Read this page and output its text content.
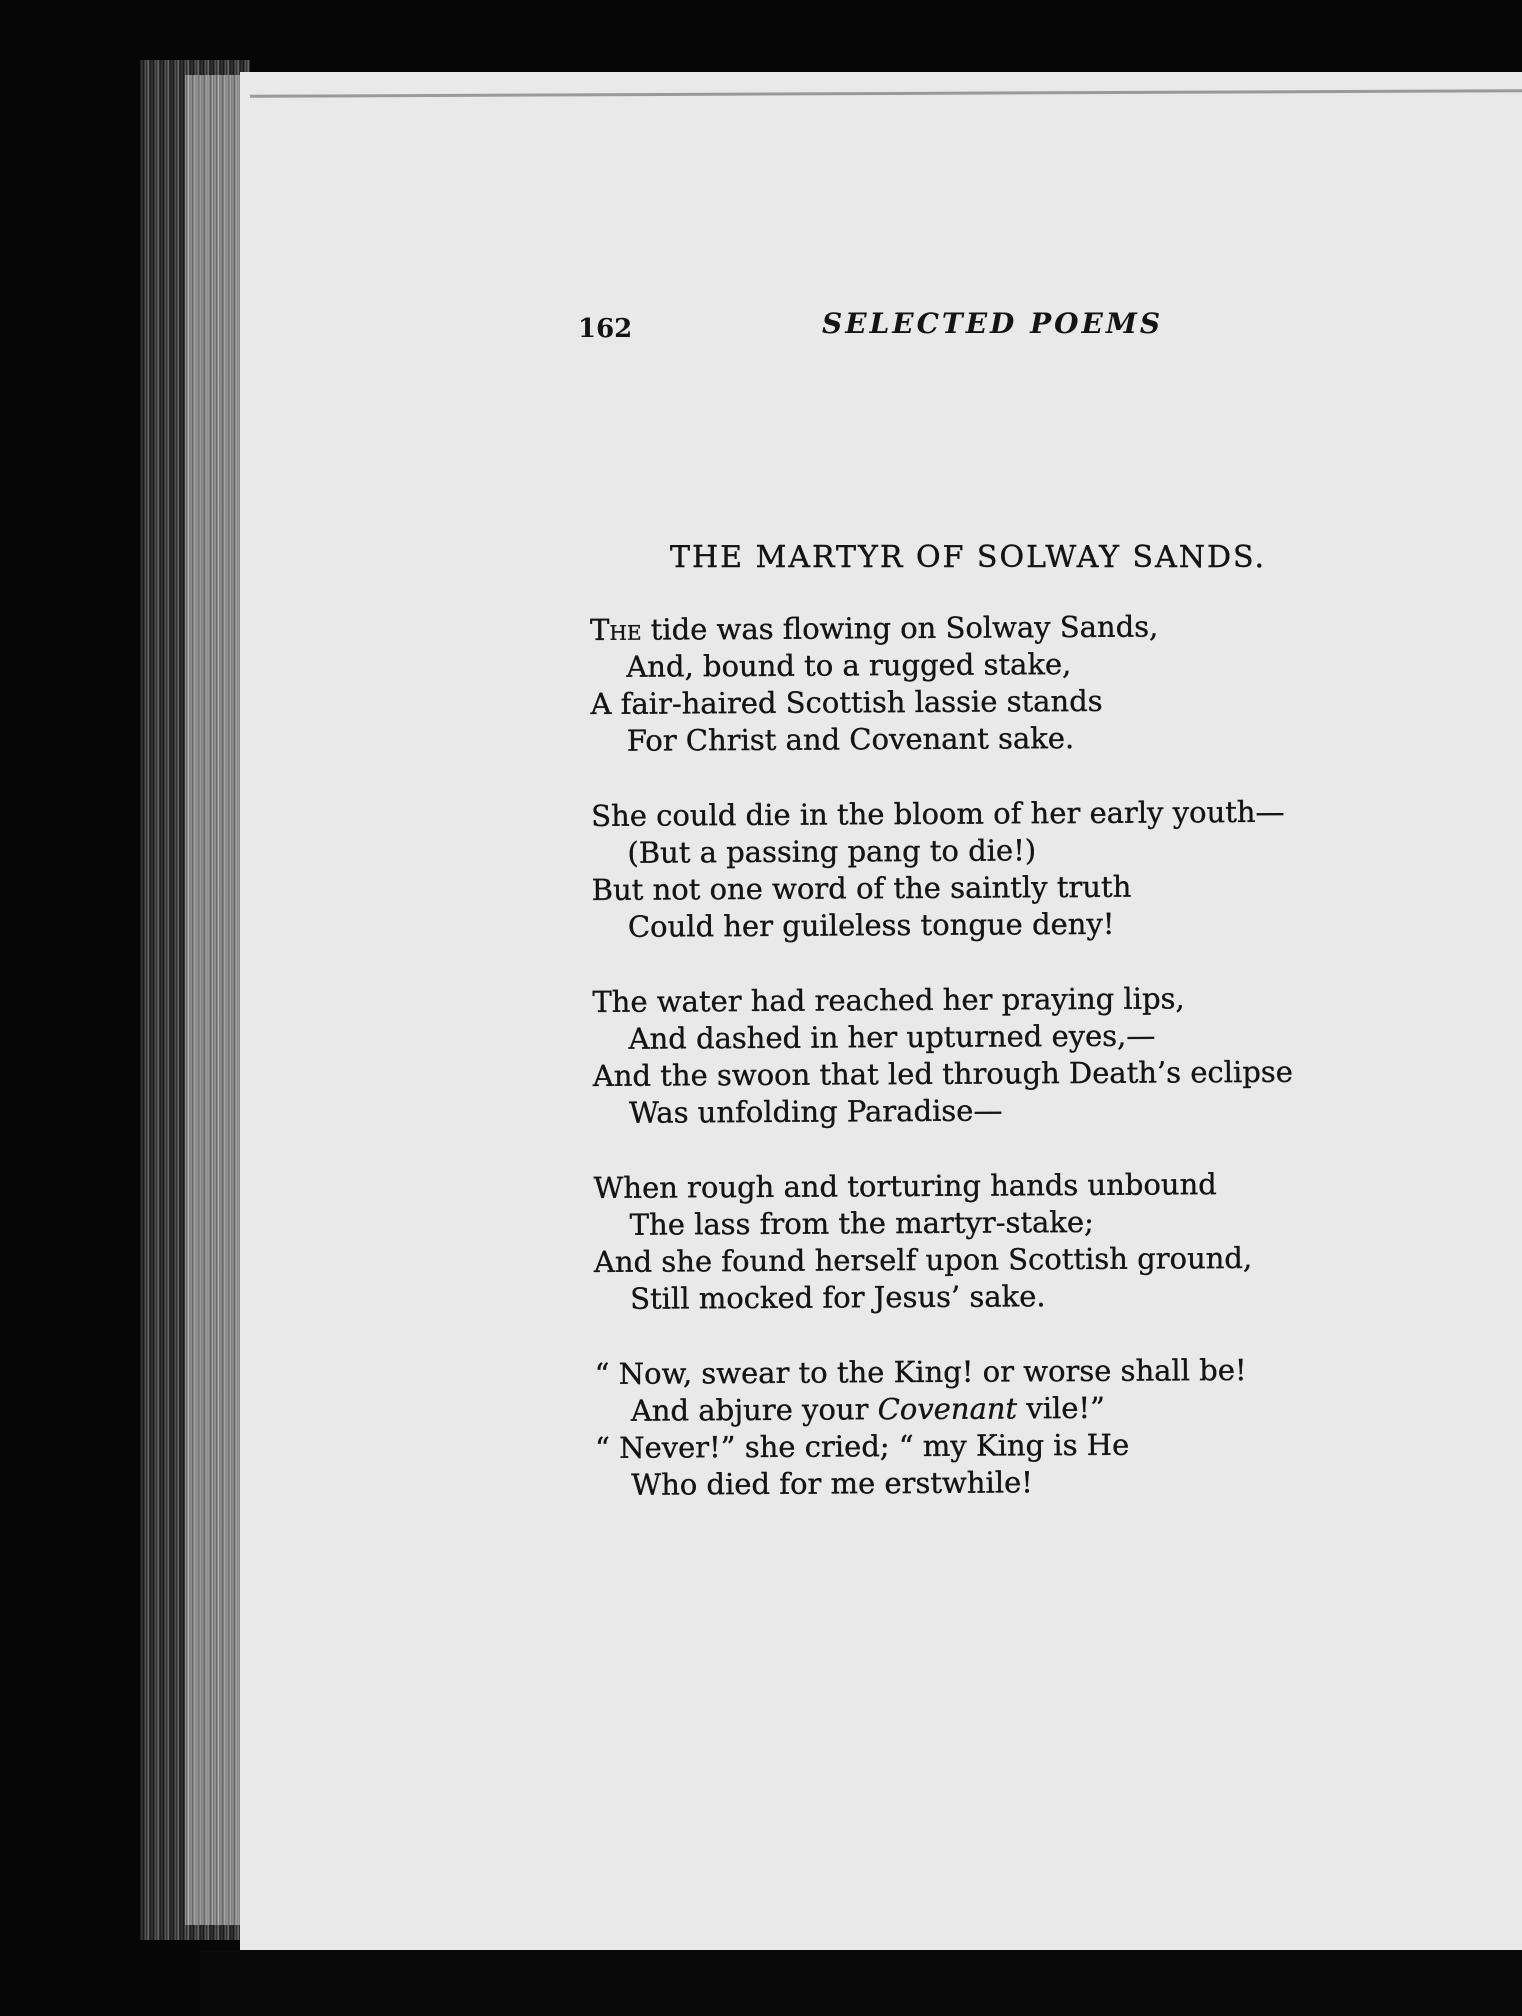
162	SELECTED POEMS
THE MARTYR OF SOLWAY SANDS.
The tide was flowing on Solway Sands,
And, bound to a rugged stake,
A fair-haired Scottish lassie stands
For Christ and Covenant sake.
She could die in the bloom of her early youth—
(But a passing pang to die!)
But not one word of the saintly truth
Could her guileless tongue deny!
The water had reached her praying lips,
And dashed in her upturned eyes,—
And the swoon that led through Death’s eclipse
Was unfolding Paradise—
When rough and torturing hands unbound
The lass from the martyr-stake;
And she found herself upon Scottish ground,
Still mocked for Jesus’ sake.
“ Now, swear to the King! or worse shall be!
And abjure your Covenant vile!”
“ Never!” she cried; “ my King is He
Who died for me erstwhile!
